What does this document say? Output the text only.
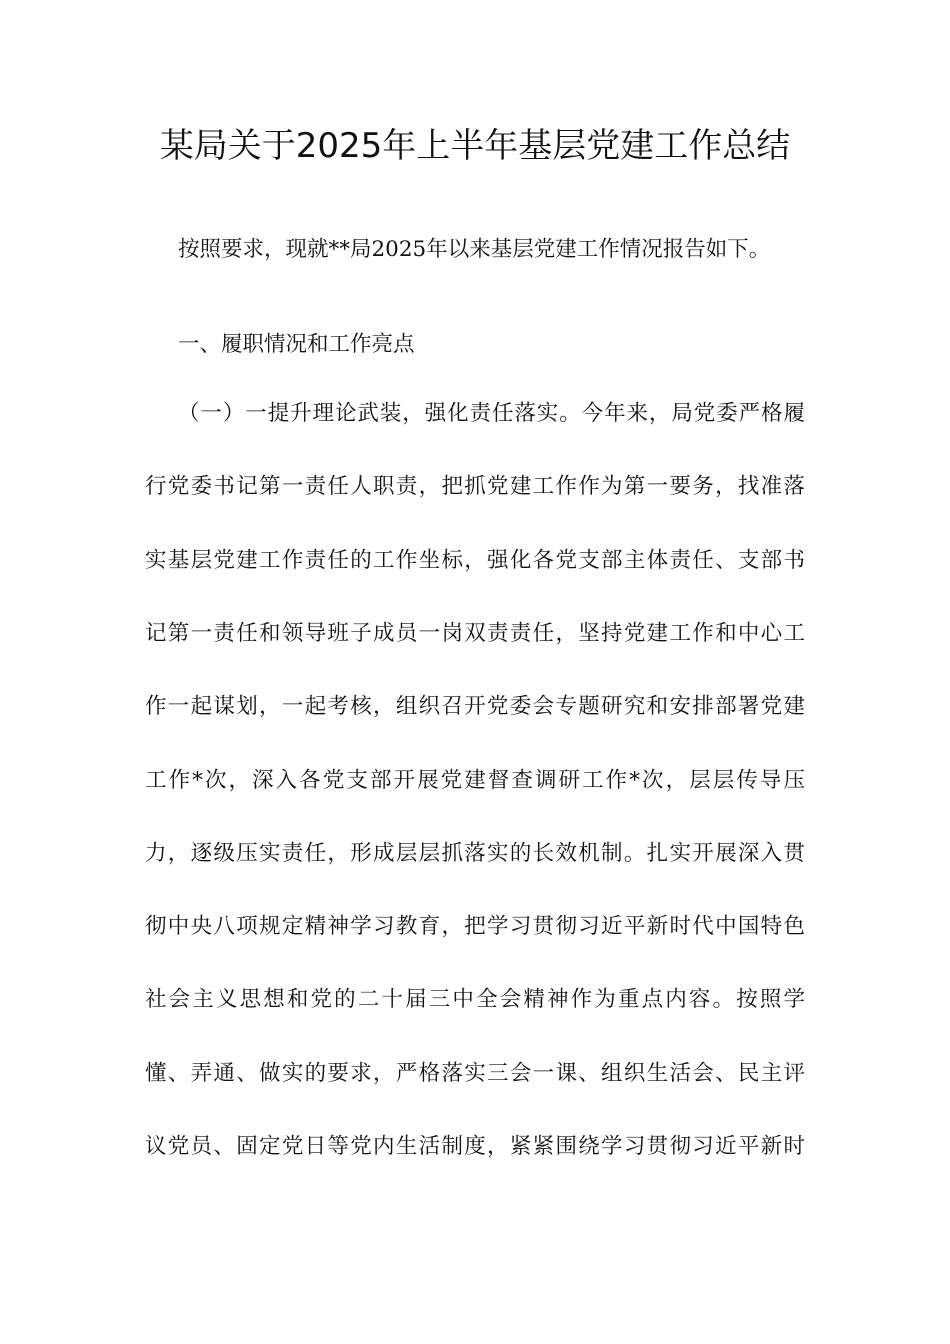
某局关于2025年上半年基层党建工作总结
按照要求，现就**局2025年以来基层党建工作情况报告如下。
一、履职情况和工作亮点
（一）一提升理论武装，强化责任落实。今年来，局党委严格履
行党委书记第一责任人职责，把抓党建工作作为第一要务，找准落
实基层党建工作责任的工作坐标，强化各党支部主体责任、支部书
记第一责任和领导班子成员一岗双责责任，坚持党建工作和中心工
作一起谋划，一起考核，组织召开党委会专题研究和安排部署党建
工作*次，深入各党支部开展党建督查调研工作*次，层层传导压
力，逐级压实责任，形成层层抓落实的长效机制。扎实开展深入贯
彻中央八项规定精神学习教育，把学习贯彻习近平新时代中国特色
社会主义思想和党的二十届三中全会精神作为重点内容。按照学
懂、弄通、做实的要求，严格落实三会一课、组织生活会、民主评
议党员、固定党日等党内生活制度，紧紧围绕学习贯彻习近平新时
